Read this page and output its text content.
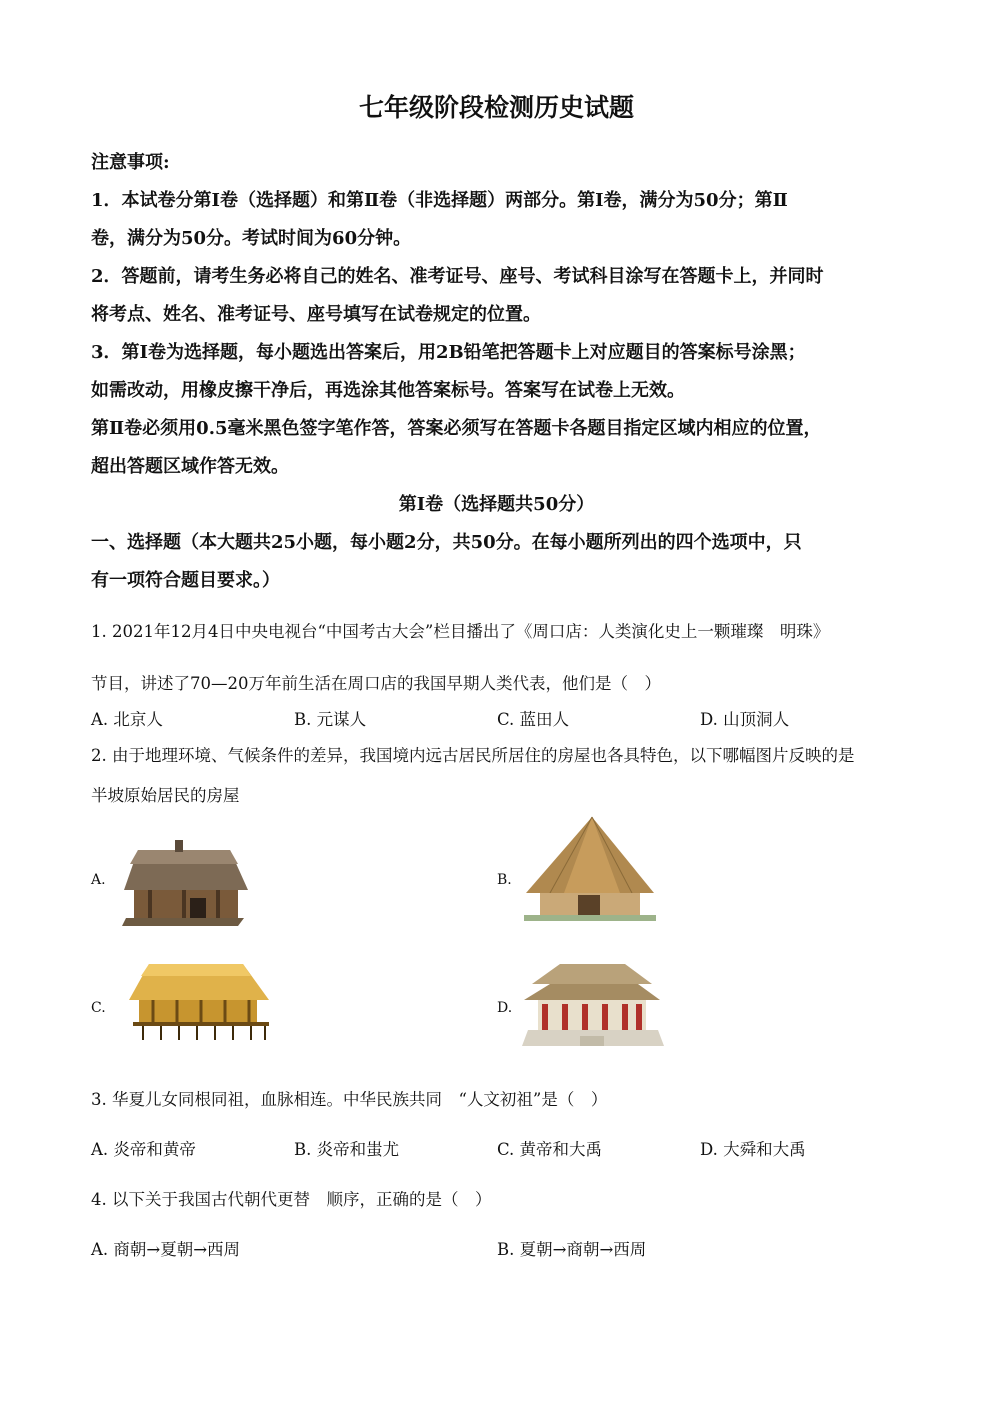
七年级阶段检测历史试题
注意事项:
1．本试卷分第Ⅰ卷（选择题）和第Ⅱ卷（非选择题）两部分。第Ⅰ卷，满分为50分；第Ⅱ
卷，满分为50分。考试时间为60分钟。
2．答题前，请考生务必将自己的姓名、准考证号、座号、考试科目涂写在答题卡上，并同时
将考点、姓名、准考证号、座号填写在试卷规定的位置。
3．第Ⅰ卷为选择题，每小题选出答案后，用2B铅笔把答题卡上对应题目的答案标号涂黑；
如需改动，用橡皮擦干净后，再选涂其他答案标号。答案写在试卷上无效。
第Ⅱ卷必须用0.5毫米黑色签字笔作答，答案必须写在答题卡各题目指定区域内相应的位置，
超出答题区域作答无效。
第Ⅰ卷（选择题共50分）
一、选择题（本大题共25小题，每小题2分，共50分。在每小题所列出的四个选项中，只
有一项符合题目要求。）
1. 2021年12月4日中央电视台“中国考古大会”栏目播出了《周口店：人类演化史上一颗璀璨　明珠》
节目，讲述了70—20万年前生活在周口店的我国早期人类代表，他们是（　）
A. 北京人	B. 元谋人	C. 蓝田人	D. 山顶洞人
2. 由于地理环境、气候条件的差异，我国境内远古居民所居住的房屋也各具特色，以下哪幅图片反映的是
半坡原始居民的房屋
A.	B.
C.	D.
3. 华夏儿女同根同祖，血脉相连。中华民族共同　“人文初祖”是（　）
A. 炎帝和黄帝	B. 炎帝和蚩尤	C. 黄帝和大禹	D. 大舜和大禹
4. 以下关于我国古代朝代更替　顺序，正确的是（　）
A. 商朝→夏朝→西周	B. 夏朝→商朝→西周
